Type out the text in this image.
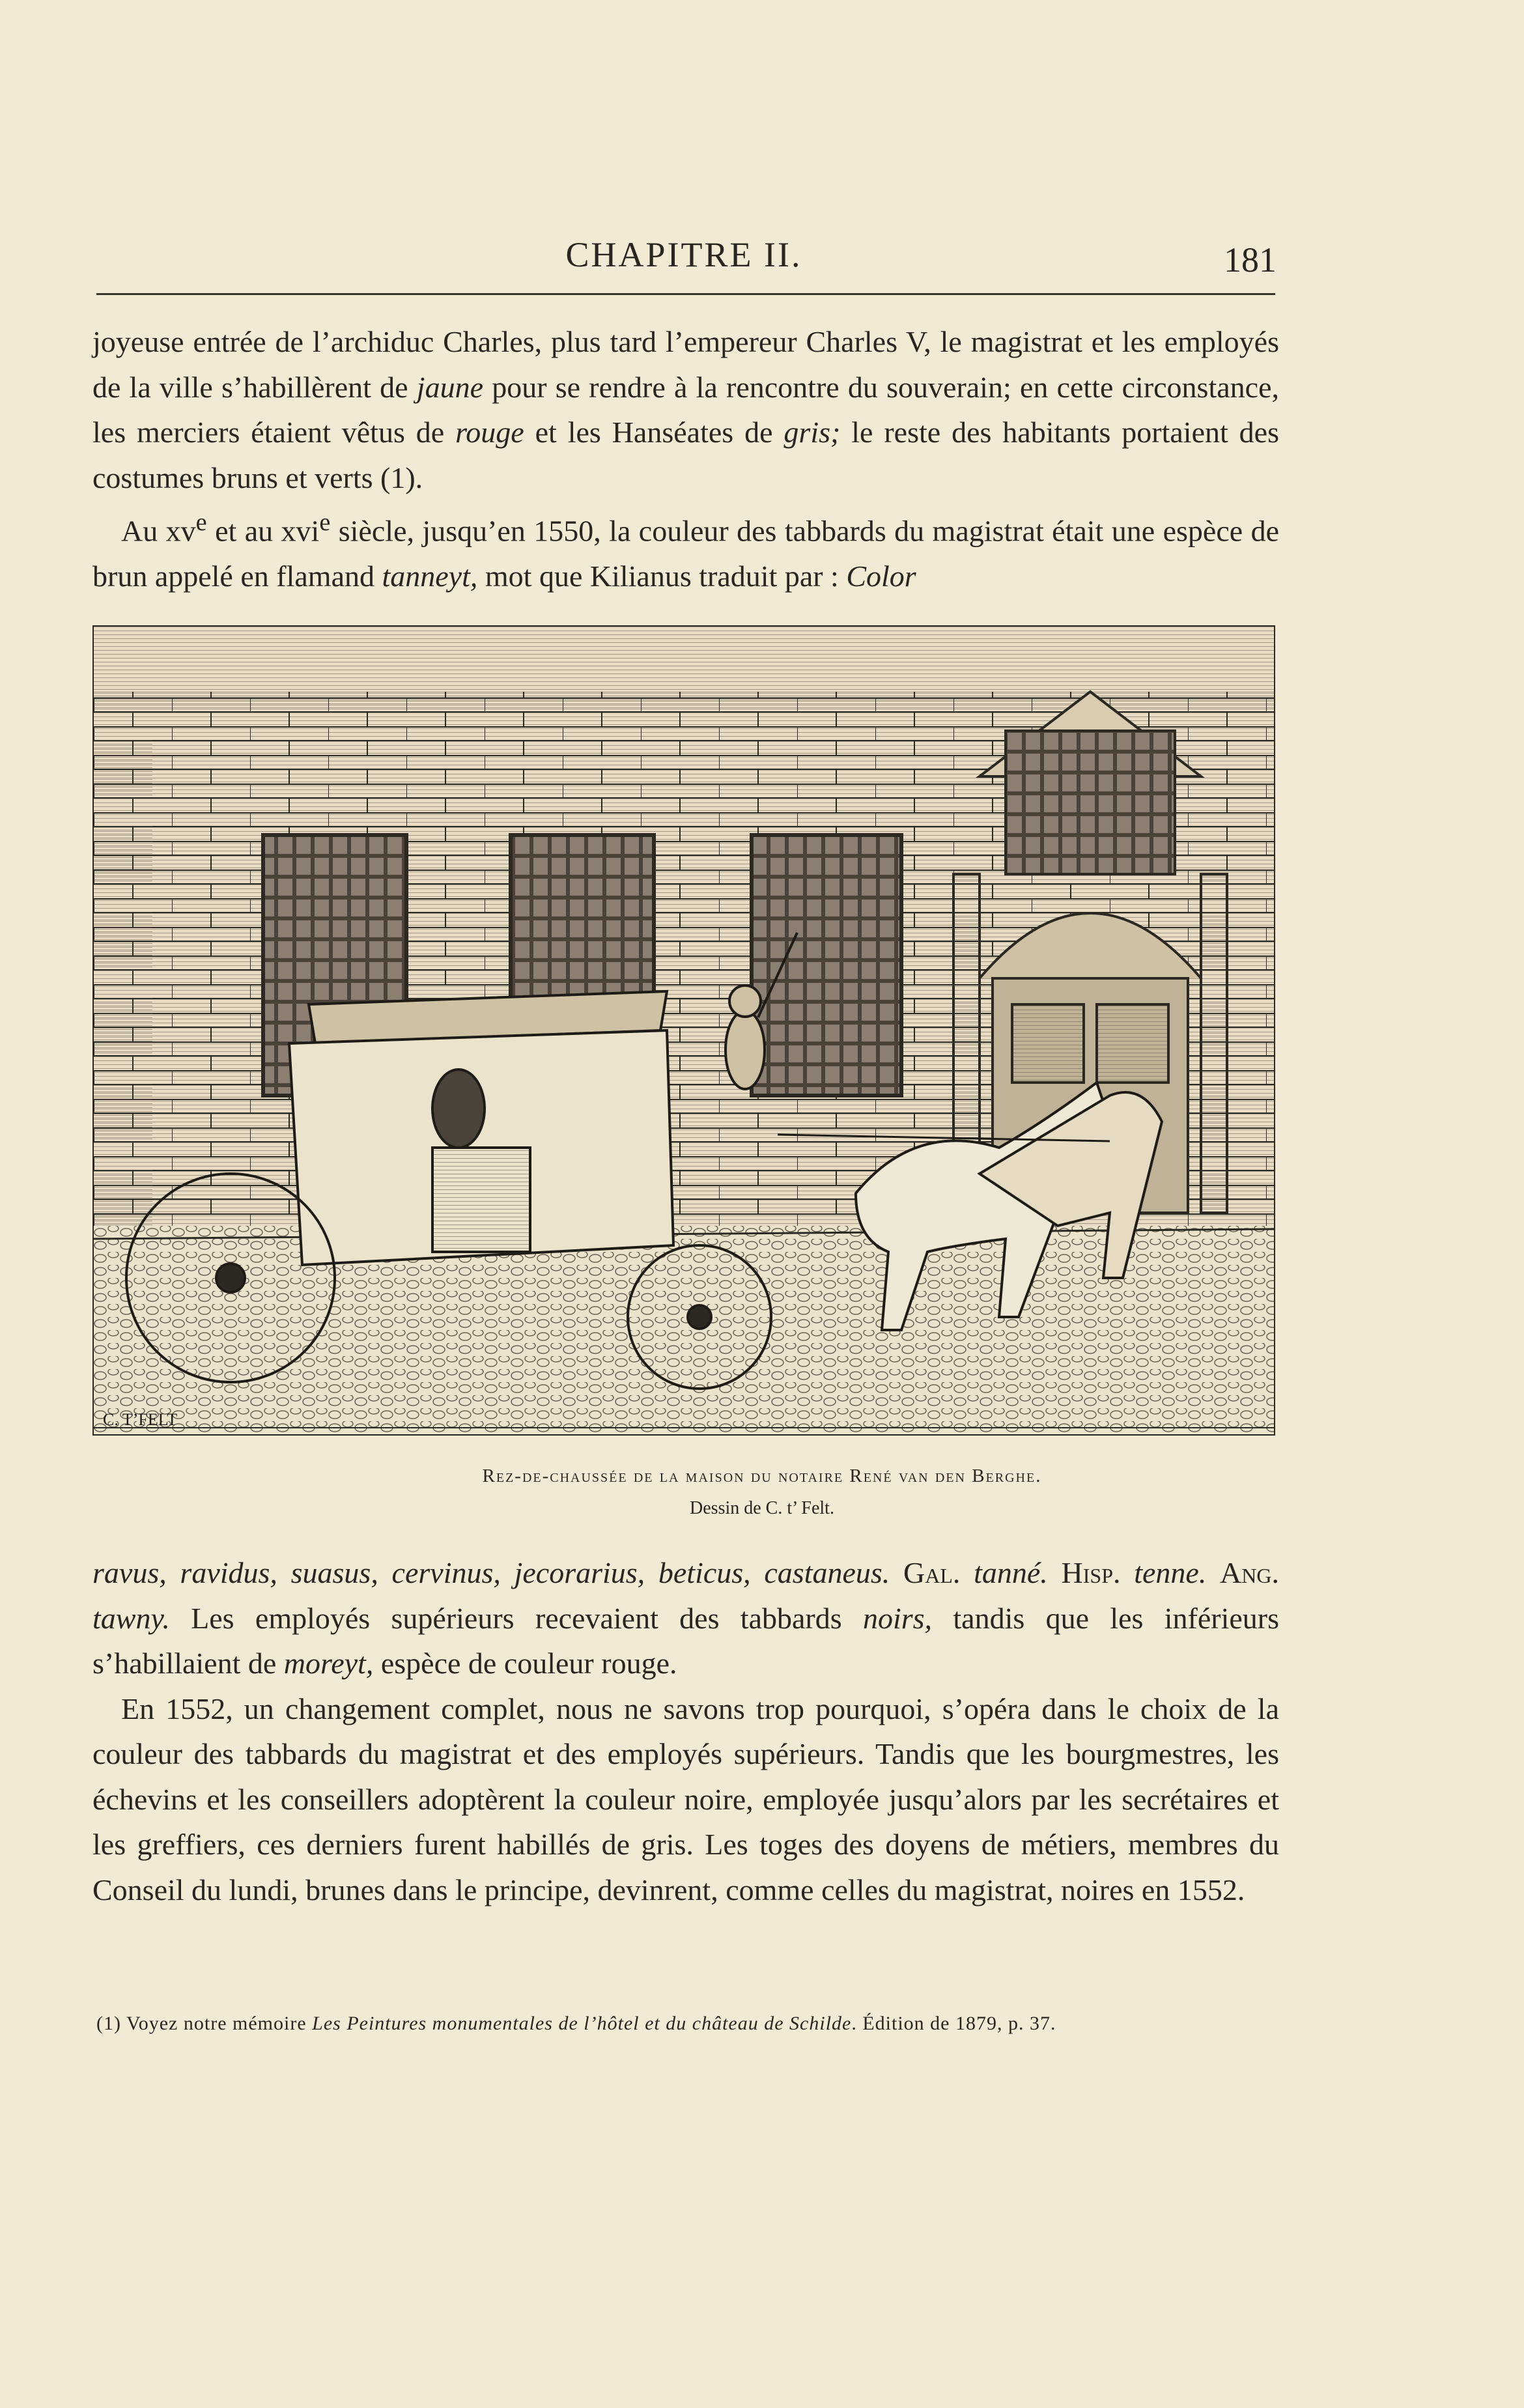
CHAPITRE II.	181

joyeuse entrée de l’archiduc Charles, plus tard l’empereur Charles V, le magistrat et les employés de la ville s’habillèrent de jaune pour se rendre à la rencontre du souverain; en cette circonstance, les merciers étaient vêtus de rouge et les Hanséates de gris; le reste des habitants portaient des costumes bruns et verts (1).

Au $xv^e$ et au xvi$^e$ siècle, jusqu’en 1550, la couleur des tabbards du magistrat était une espèce de brun appelé en flamand tanneyt, mot que Kilianus traduit par : Color

C. T’FELT
Rez-de-chaussée de la maison du notaire René van den Berghe.
Dessin de C. t’ Felt.

ravus, ravidus, suasus, cervinus, jecorarius, beticus, castaneus. Gal. tanné. Hisp. tenne. Ang. tawny. Les employés supérieurs recevaient des tabbards noirs, tandis que les inférieurs s’habillaient de moreyt, espèce de couleur rouge.

En 1552, un changement complet, nous ne savons trop pourquoi, s’opéra dans le choix de la couleur des tabbards du magistrat et des employés supérieurs. Tandis que les bourgmestres, les échevins et les conseillers adoptèrent la couleur noire, employée jusqu’alors par les secrétaires et les greffiers, ces derniers furent habillés de gris. Les toges des doyens de métiers, membres du Conseil du lundi, brunes dans le principe, devinrent, comme celles du magistrat, noires en 1552.

(1) Voyez notre mémoire Les Peintures monumentales de l’hôtel et du château de Schilde. Édition de 1879, p. 37.
